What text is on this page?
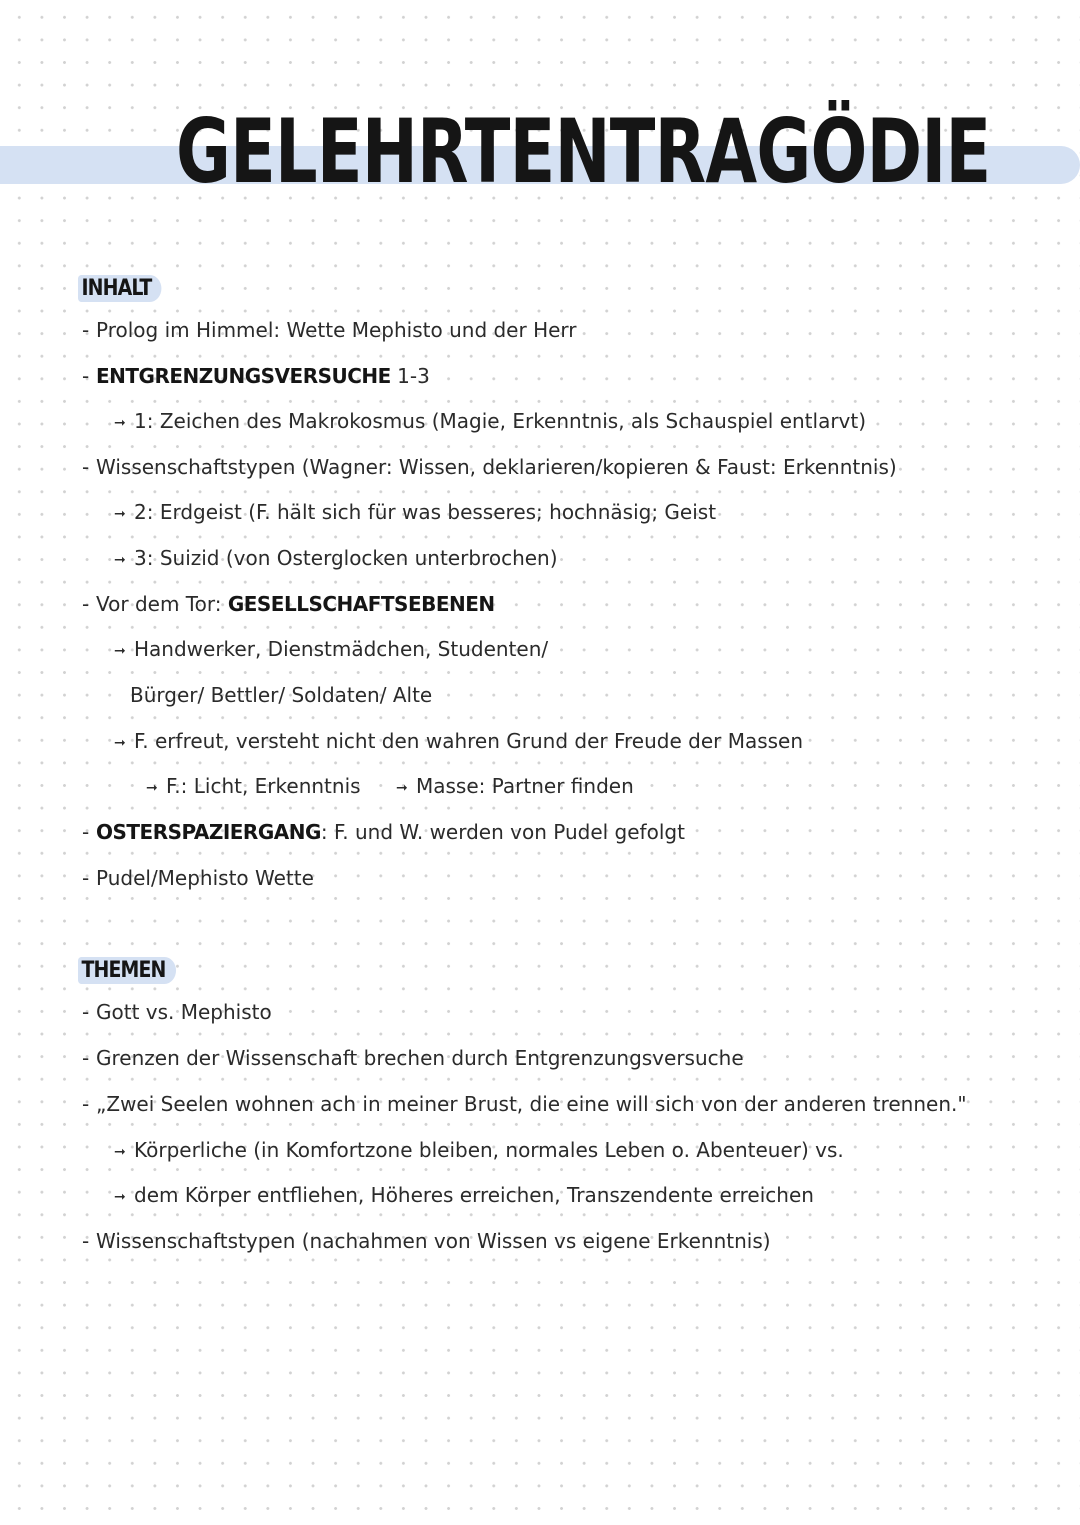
GELEHRTENTRAGÖDIE
INHALT
- Prolog im Himmel: Wette Mephisto und der Herr
- ENTGRENZUNGSVERSUCHE 1-3
➞ 1: Zeichen des Makrokosmus (Magie, Erkenntnis, als Schauspiel entlarvt)
- Wissenschaftstypen (Wagner: Wissen, deklarieren/kopieren & Faust: Erkenntnis)
➞ 2: Erdgeist (F. hält sich für was besseres; hochnäsig; Geist
➞ 3: Suizid (von Osterglocken unterbrochen)
- Vor dem Tor: GESELLSCHAFTSEBENEN
➞ Handwerker, Dienstmädchen, Studenten/
Bürger/ Bettler/ Soldaten/ Alte
➞ F. erfreut, versteht nicht den wahren Grund der Freude der Massen
➞ F.: Licht, Erkenntnis	➞ Masse: Partner finden
- OSTERSPAZIERGANG: F. und W. werden von Pudel gefolgt
- Pudel/Mephisto Wette
THEMEN
- Gott vs. Mephisto
- Grenzen der Wissenschaft brechen durch Entgrenzungsversuche
- „Zwei Seelen wohnen ach in meiner Brust, die eine will sich von der anderen trennen."
➞ Körperliche (in Komfortzone bleiben, normales Leben o. Abenteuer) vs.
➞ dem Körper entfliehen, Höheres erreichen, Transzendente erreichen
- Wissenschaftstypen (nachahmen von Wissen vs eigene Erkenntnis)
